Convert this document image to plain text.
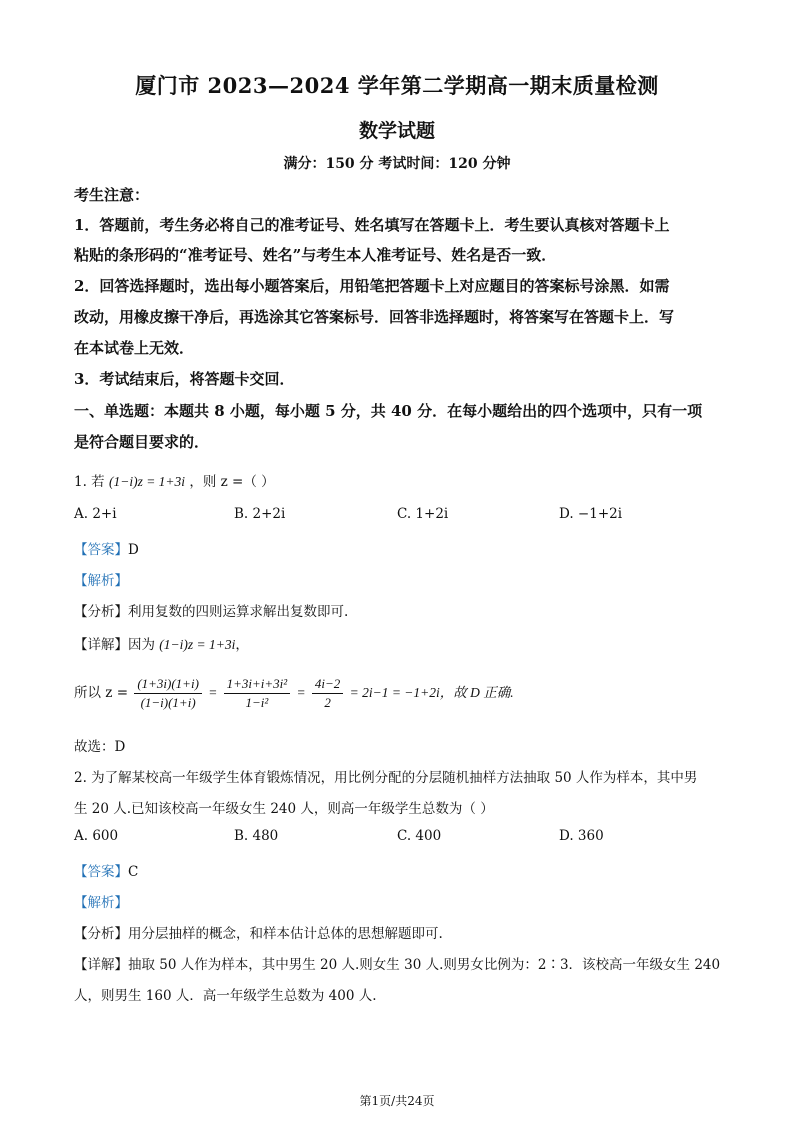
厦门市 2023—2024 学年第二学期高一期末质量检测
数学试题
满分：150 分 考试时间：120 分钟
考生注意：
1．答题前，考生务必将自己的准考证号、姓名填写在答题卡上．考生要认真核对答题卡上
粘贴的条形码的“准考证号、姓名”与考生本人准考证号、姓名是否一致．
2．回答选择题时，选出每小题答案后，用铅笔把答题卡上对应题目的答案标号涂黑．如需
改动，用橡皮擦干净后，再选涂其它答案标号．回答非选择题时，将答案写在答题卡上．写
在本试卷上无效．
3．考试结束后，将答题卡交回．
一、单选题：本题共 8 小题，每小题 5 分，共 40 分．在每小题给出的四个选项中，只有一项
是符合题目要求的．
1. 若 (1−i)z = 1+3i ，则 z =（ ）
A. 2+i	B. 2+2i	C. 1+2i	D. −1+2i
【答案】D
【解析】
【分析】利用复数的四则运算求解出复数即可.
【详解】因为 (1−i)z = 1+3i，
所以 $z = \frac{(1+3i)(1+i)}{(1-i)(1+i)} = \frac{\text{1+3i+i+3i²}}{\text{1−i²}} = \frac{4i-2}{2} = 2i-1 = -1+2i$，故 D 正确.
故选：D
2. 为了解某校高一年级学生体育锻炼情况，用比例分配的分层随机抽样方法抽取 50 人作为样本，其中男
生 20 人.已知该校高一年级女生 240 人，则高一年级学生总数为（ ）
A. 600	B. 480	C. 400	D. 360
【答案】C
【解析】
【分析】用分层抽样的概念，和样本估计总体的思想解题即可.
【详解】抽取 50 人作为样本，其中男生 20 人.则女生 30 人.则男女比例为：2∶3．该校高一年级女生 240
人，则男生 160 人．高一年级学生总数为 400 人.
第1页/共24页
